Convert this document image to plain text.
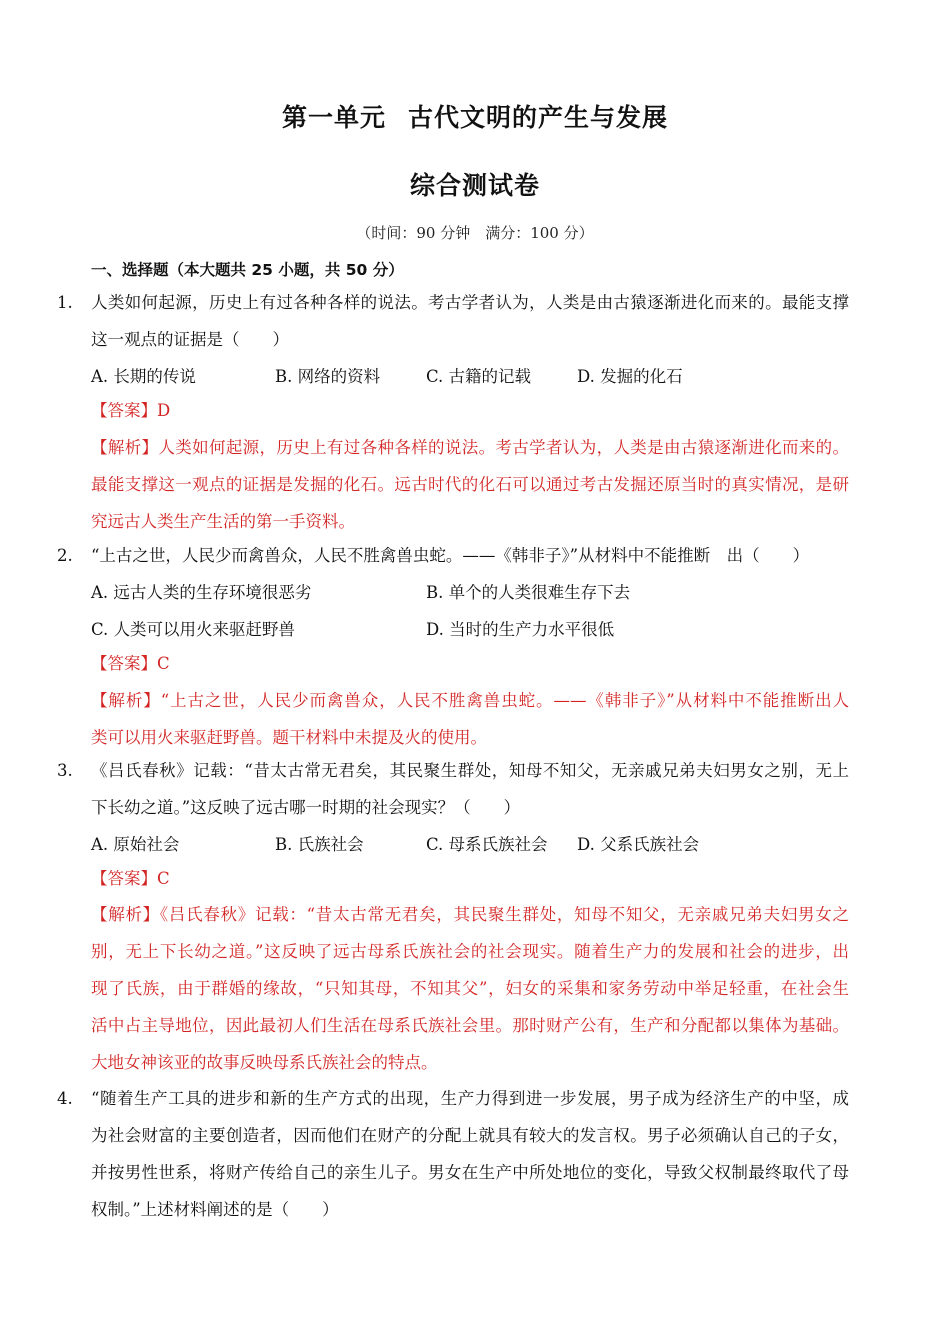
第一单元 古代文明的产生与发展
综合测试卷
（时间：90 分钟　满分：100 分）
一、选择题（本大题共 25 小题，共 50 分）
1. 人类如何起源，历史上有过各种各样的说法。考古学者认为，人类是由古猿逐渐进化而来的。最能支撑
这一观点的证据是（　　）
A. 长期的传说	B. 网络的资料	C. 古籍的记载	D. 发掘的化石
【答案】D
【解析】人类如何起源，历史上有过各种各样的说法。考古学者认为，人类是由古猿逐渐进化而来的。
最能支撑这一观点的证据是发掘的化石。远古时代的化石可以通过考古发掘还原当时的真实情况，是研
究远古人类生产生活的第一手资料。
2. “上古之世，人民少而禽兽众，人民不胜禽兽虫蛇。——《韩非子》”从材料中不能推断　出（　　）
A. 远古人类的生存环境很恶劣	B. 单个的人类很难生存下去
C. 人类可以用火来驱赶野兽	D. 当时的生产力水平很低
【答案】C
【解析】“上古之世，人民少而禽兽众，人民不胜禽兽虫蛇。——《韩非子》”从材料中不能推断出人
类可以用火来驱赶野兽。题干材料中未提及火的使用。
3. 《吕氏春秋》记载：“昔太古常无君矣，其民聚生群处，知母不知父，无亲戚兄弟夫妇男女之别，无上
下长幼之道。”这反映了远古哪一时期的社会现实？（　　）
A. 原始社会	B. 氏族社会	C. 母系氏族社会 D. 父系氏族社会
【答案】C
【解析】《吕氏春秋》记载：“昔太古常无君矣，其民聚生群处，知母不知父，无亲戚兄弟夫妇男女之
别，无上下长幼之道。”这反映了远古母系氏族社会的社会现实。随着生产力的发展和社会的进步，出
现了氏族，由于群婚的缘故，“只知其母，不知其父”，妇女的采集和家务劳动中举足轻重，在社会生
活中占主导地位，因此最初人们生活在母系氏族社会里。那时财产公有，生产和分配都以集体为基础。
大地女神该亚的故事反映母系氏族社会的特点。
4. “随着生产工具的进步和新的生产方式的出现，生产力得到进一步发展，男子成为经济生产的中坚，成
为社会财富的主要创造者，因而他们在财产的分配上就具有较大的发言权。男子必须确认自己的子女，
并按男性世系，将财产传给自己的亲生儿子。男女在生产中所处地位的变化，导致父权制最终取代了母
权制。”上述材料阐述的是（　　）
